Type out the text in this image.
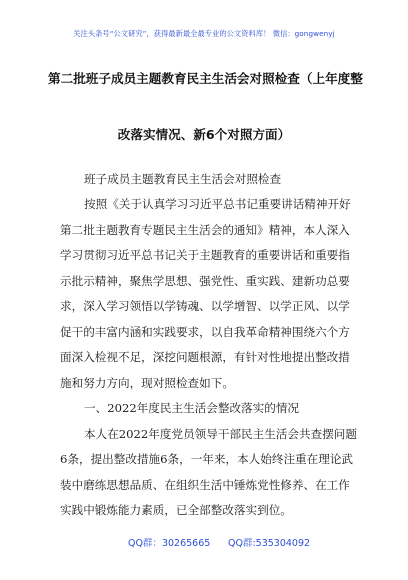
关注头条号“公文研究”，获得最新最全最专业的公文资料库！ 微信：gongwenyj
第二批班子成员主题教育民主生活会对照检查（上年度整
改落实情况、新6个对照方面）
班子成员主题教育民主生活会对照检查
按照《关于认真学习习近平总书记重要讲话精神开好
第二批主题教育专题民主生活会的通知》精神，本人深入
学习贯彻习近平总书记关于主题教育的重要讲话和重要指
示批示精神，聚焦学思想、强党性、重实践、建新功总要
求，深入学习领悟以学铸魂、以学增智、以学正风、以学
促干的丰富内涵和实践要求，以自我革命精神围绕六个方
面深入检视不足，深挖问题根源，有针对性地提出整改措
施和努力方向，现对照检查如下。
一、2022年度民主生活会整改落实的情况
本人在2022年度党员领导干部民主生活会共查摆问题
6条，提出整改措施6条，一年来，本人始终注重在理论武
装中磨练思想品质、在组织生活中锤炼党性修养、在工作
实践中锻炼能力素质，已全部整改落实到位。
QQ群：30265665 QQ群:535304092
